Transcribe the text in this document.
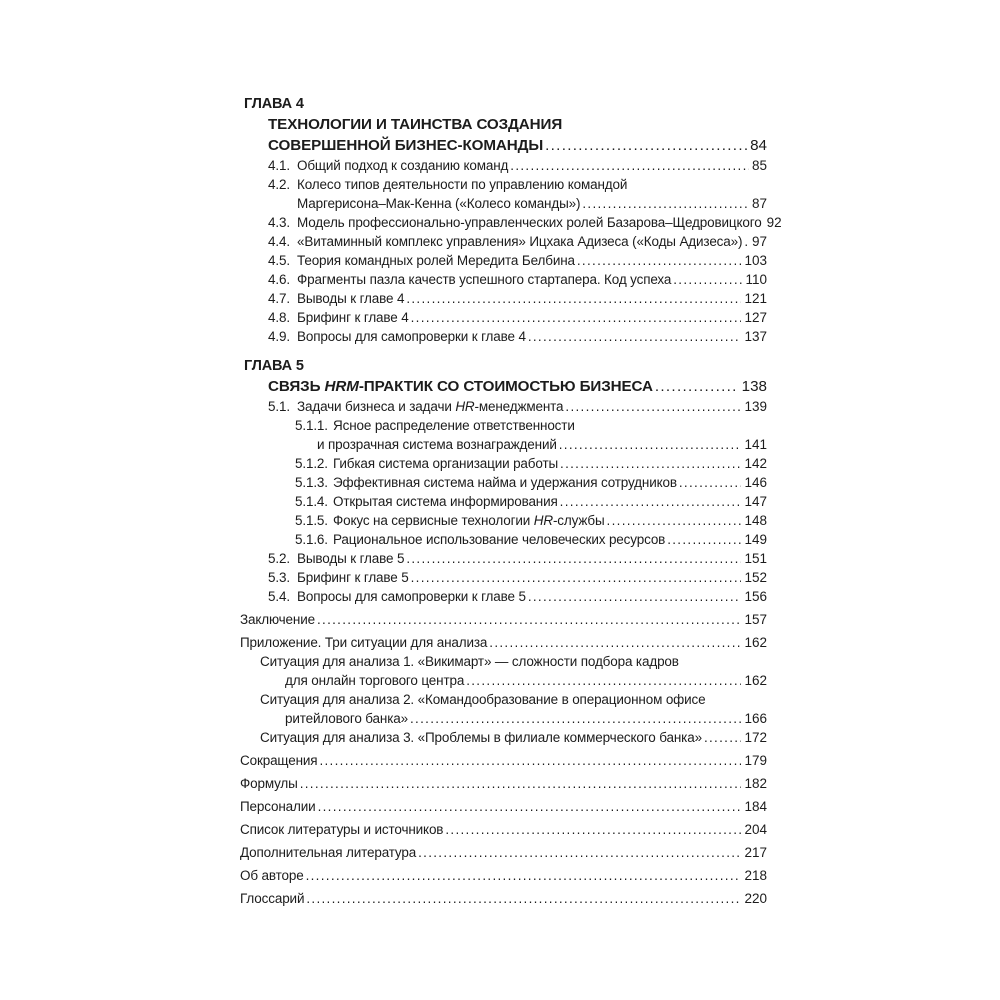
ГЛАВА 4
ТЕХНОЛОГИИ И ТАИНСТВА СОЗДАНИЯ
СОВЕРШЕННОЙ БИЗНЕС-КОМАНДЫ .....	84
4.1. Общий подход к созданию команд .....	85
4.2. Колесо типов деятельности по управлению командой
Маргерисона–Мак-Кенна («Колесо команды») .....	87
4.3. Модель профессионально-управленческих ролей Базарова–Щедровицкого 92
4.4. «Витаминный комплекс управления» Ицхака Адизеса («Коды Адизеса») ..... 97
4.5. Теория командных ролей Мередита Белбина .....	103
4.6. Фрагменты пазла качеств успешного стартапера. Код успеха .....	110
4.7. Выводы к главе 4 .....	121
4.8. Брифинг к главе 4 .....	127
4.9. Вопросы для самопроверки к главе 4 .....	137
ГЛАВА 5
СВЯЗЬ HRM-ПРАКТИК СО СТОИМОСТЬЮ БИЗНЕСА .....	138
5.1. Задачи бизнеса и задачи HR-менеджмента .....	139
5.1.1. Ясное распределение ответственности
и прозрачная система вознаграждений .....	141
5.1.2. Гибкая система организации работы .....	142
5.1.3. Эффективная система найма и удержания сотрудников .....	146
5.1.4. Открытая система информирования .....	147
5.1.5. Фокус на сервисные технологии HR-службы .....	148
5.1.6. Рациональное использование человеческих ресурсов .....	149
5.2. Выводы к главе 5 .....	151
5.3. Брифинг к главе 5 .....	152
5.4. Вопросы для самопроверки к главе 5 .....	156
Заключение .....	157
Приложение. Три ситуации для анализа .....	162
Ситуация для анализа 1. «Викимарт» — сложности подбора кадров
для онлайн торгового центра .....	162
Ситуация для анализа 2. «Командообразование в операционном офисе
ритейлового банка» .....	166
Ситуация для анализа 3. «Проблемы в филиале коммерческого банка» .....	172
Сокращения .....	179
Формулы .....	182
Персоналии .....	184
Список литературы и источников .....	204
Дополнительная литература .....	217
Об авторе .....	218
Глоссарий .....	220
